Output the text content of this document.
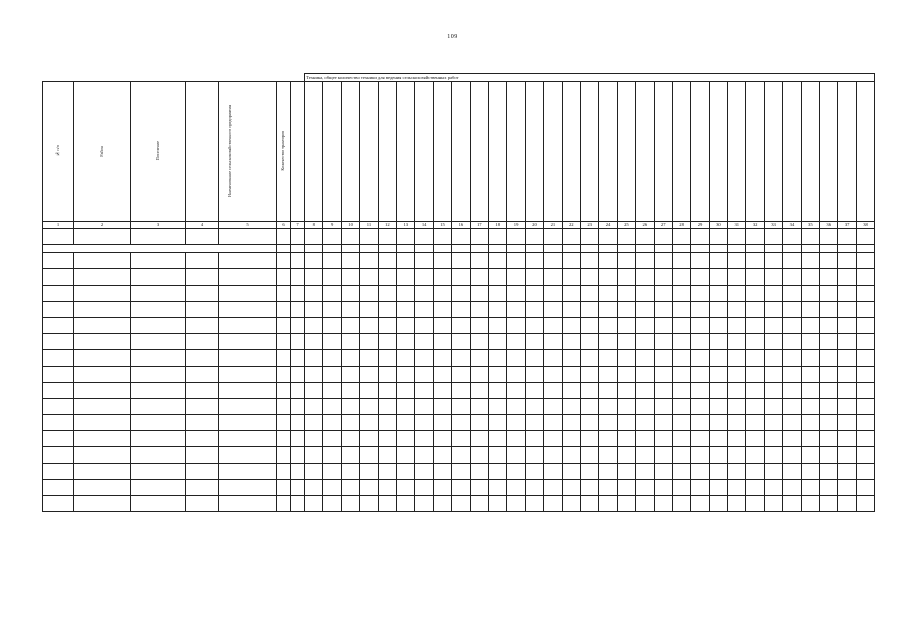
109
							Техника, общее количество техники для ведения сельскохозяйственных работ																															
№ п/п	Район	Поселение		Наименование сельскохозяйственного предприятия	Количество тракторов																																	
1	2	3	4	5	6	7	8	9	10	11	12	13	14	15	16	17	18	19	20	21	22	23	24	25	26	27	28	29	30	31	32	33	34	35	36	37	38	
